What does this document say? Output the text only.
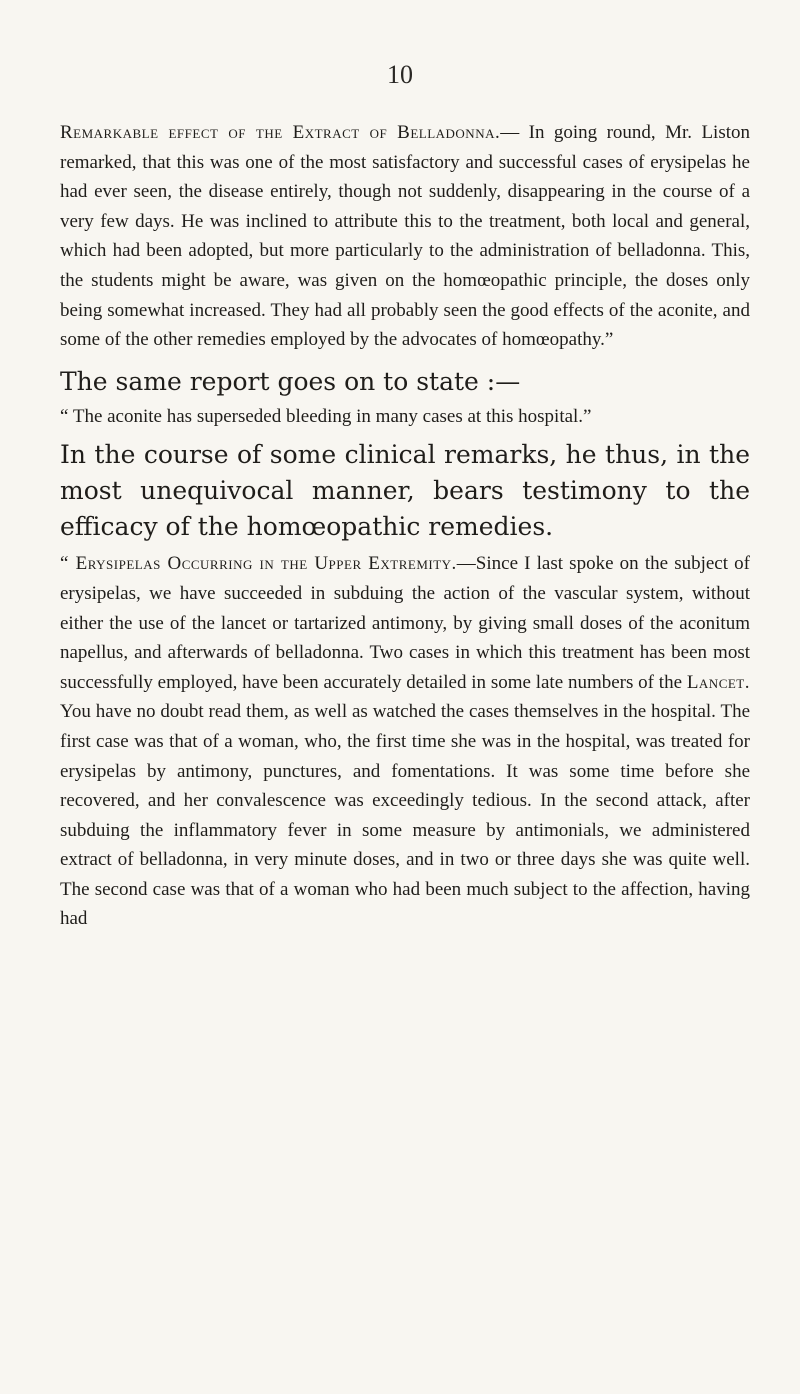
10

Remarkable effect of the Extract of Belladonna.— In going round, Mr. Liston remarked, that this was one of the most satisfactory and successful cases of erysipelas he had ever seen, the disease entirely, though not suddenly, disappearing in the course of a very few days. He was inclined to attribute this to the treatment, both local and general, which had been adopted, but more particularly to the administration of belladonna. This, the students might be aware, was given on the homœopathic principle, the doses only being somewhat increased. They had all probably seen the good effects of the aconite, and some of the other remedies employed by the advocates of homœopathy.”

The same report goes on to state :—

“ The aconite has superseded bleeding in many cases at this hospital.”

In the course of some clinical remarks, he thus, in the most unequivocal manner, bears testimony to the efficacy of the homœopathic remedies.

“ Erysipelas Occurring in the Upper Extremity.—Since I last spoke on the subject of erysipelas, we have succeeded in subduing the action of the vascular system, without either the use of the lancet or tartarized antimony, by giving small doses of the aconitum napellus, and afterwards of belladonna. Two cases in which this treatment has been most successfully employed, have been accurately detailed in some late numbers of the Lancet. You have no doubt read them, as well as watched the cases themselves in the hospital. The first case was that of a woman, who, the first time she was in the hospital, was treated for erysipelas by antimony, punctures, and fomentations. It was some time before she recovered, and her convalescence was exceedingly tedious. In the second attack, after subduing the inflammatory fever in some measure by antimonials, we administered extract of belladonna, in very minute doses, and in two or three days she was quite well. The second case was that of a woman who had been much subject to the affection, having had
